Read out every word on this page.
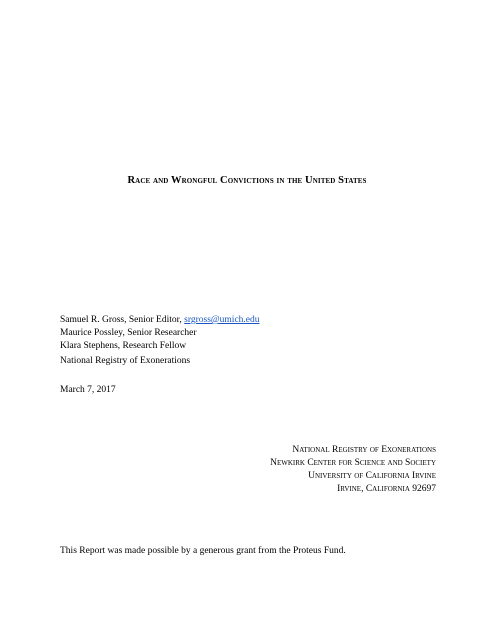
Race and Wrongful Convictions in the United States
Samuel R. Gross, Senior Editor, srgross@umich.edu
Maurice Possley, Senior Researcher
Klara Stephens, Research Fellow
National Registry of Exonerations
March 7, 2017
National Registry of Exonerations
Newkirk Center for Science and Society
University of California Irvine
Irvine, California 92697
This Report was made possible by a generous grant from the Proteus Fund.
